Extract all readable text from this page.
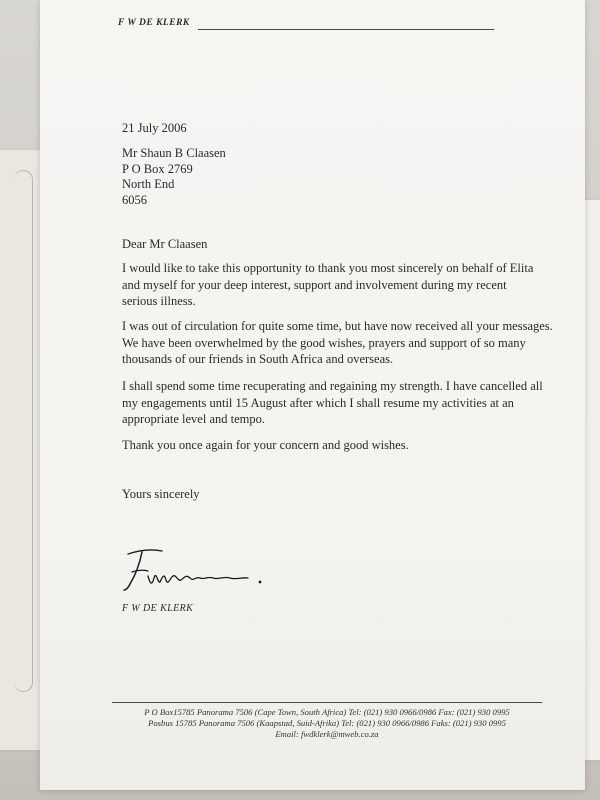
F W DE KLERK
21 July 2006
Mr Shaun B Claasen
P O Box 2769
North End
6056
Dear Mr Claasen
I would like to take this opportunity to thank you most sincerely on behalf of Elita and myself for your deep interest, support and involvement during my recent serious illness.
I was out of circulation for quite some time, but have now received all your messages. We have been overwhelmed by the good wishes, prayers and support of so many thousands of our friends in South Africa and overseas.
I shall spend some time recuperating and regaining my strength. I have cancelled all my engagements until 15 August after which I shall resume my activities at an appropriate level and tempo.
Thank you once again for your concern and good wishes.
Yours sincerely
F W DE KLERK
P O Box15785 Panorama 7506 (Cape Town, South Africa) Tel: (021) 930 0966/0986 Fax: (021) 930 0995
Posbus 15785 Panorama 7506 (Kaapstad, Suid-Afrika) Tel: (021) 930 0966/0986 Faks: (021) 930 0995
Email: fwdklerk@mweb.co.za
